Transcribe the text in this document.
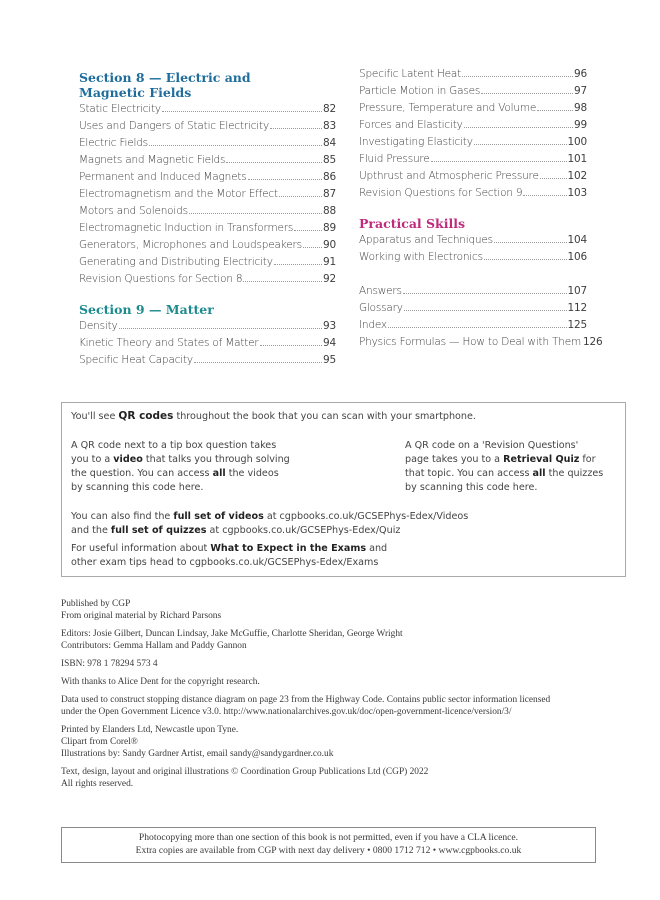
Section 8 — Electric and
Magnetic Fields
Static Electricity	82
Uses and Dangers of Static Electricity	83
Electric Fields	84
Magnets and Magnetic Fields	85
Permanent and Induced Magnets	86
Electromagnetism and the Motor Effect	87
Motors and Solenoids	88
Electromagnetic Induction in Transformers	89
Generators, Microphones and Loudspeakers 90
Generating and Distributing Electricity	91
Revision Questions for Section 8	92
Section 9 — Matter
Density	93
Kinetic Theory and States of Matter	94
Specific Heat Capacity	95
Specific Latent Heat	96
Particle Motion in Gases	97
Pressure, Temperature and Volume	98
Forces and Elasticity	99
Investigating Elasticity	100
Fluid Pressure	101
Upthrust and Atmospheric Pressure	102
Revision Questions for Section 9	103
Practical Skills
Apparatus and Techniques	104
Working with Electronics	106
Answers	107
Glossary	112
Index	125
Physics Formulas — How to Deal with Them 126
You'll see QR codes throughout the book that you can scan with your smartphone.
A QR code next to a tip box question takes you to a video that talks you through solving the question. You can access all the videos by scanning this code here.
A QR code on a 'Revision Questions' page takes you to a Retrieval Quiz for that topic. You can access all the quizzes by scanning this code here.
You can also find the full set of videos at cgpbooks.co.uk/GCSEPhys-Edex/Videos
and the full set of quizzes at cgpbooks.co.uk/GCSEPhys-Edex/Quiz
For useful information about What to Expect in the Exams and
other exam tips head to cgpbooks.co.uk/GCSEPhys-Edex/Exams
Published by CGP
From original material by Richard Parsons
Editors: Josie Gilbert, Duncan Lindsay, Jake McGuffie, Charlotte Sheridan, George Wright
Contributors: Gemma Hallam and Paddy Gannon
ISBN: 978 1 78294 573 4
With thanks to Alice Dent for the copyright research.
Data used to construct stopping distance diagram on page 23 from the Highway Code. Contains public sector information licensed
under the Open Government Licence v3.0. http://www.nationalarchives.gov.uk/doc/open-government-licence/version/3/
Printed by Elanders Ltd, Newcastle upon Tyne.
Clipart from Corel®
Illustrations by: Sandy Gardner Artist, email sandy@sandygardner.co.uk
Text, design, layout and original illustrations © Coordination Group Publications Ltd (CGP) 2022
All rights reserved.
Photocopying more than one section of this book is not permitted, even if you have a CLA licence.
Extra copies are available from CGP with next day delivery • 0800 1712 712 • www.cgpbooks.co.uk
